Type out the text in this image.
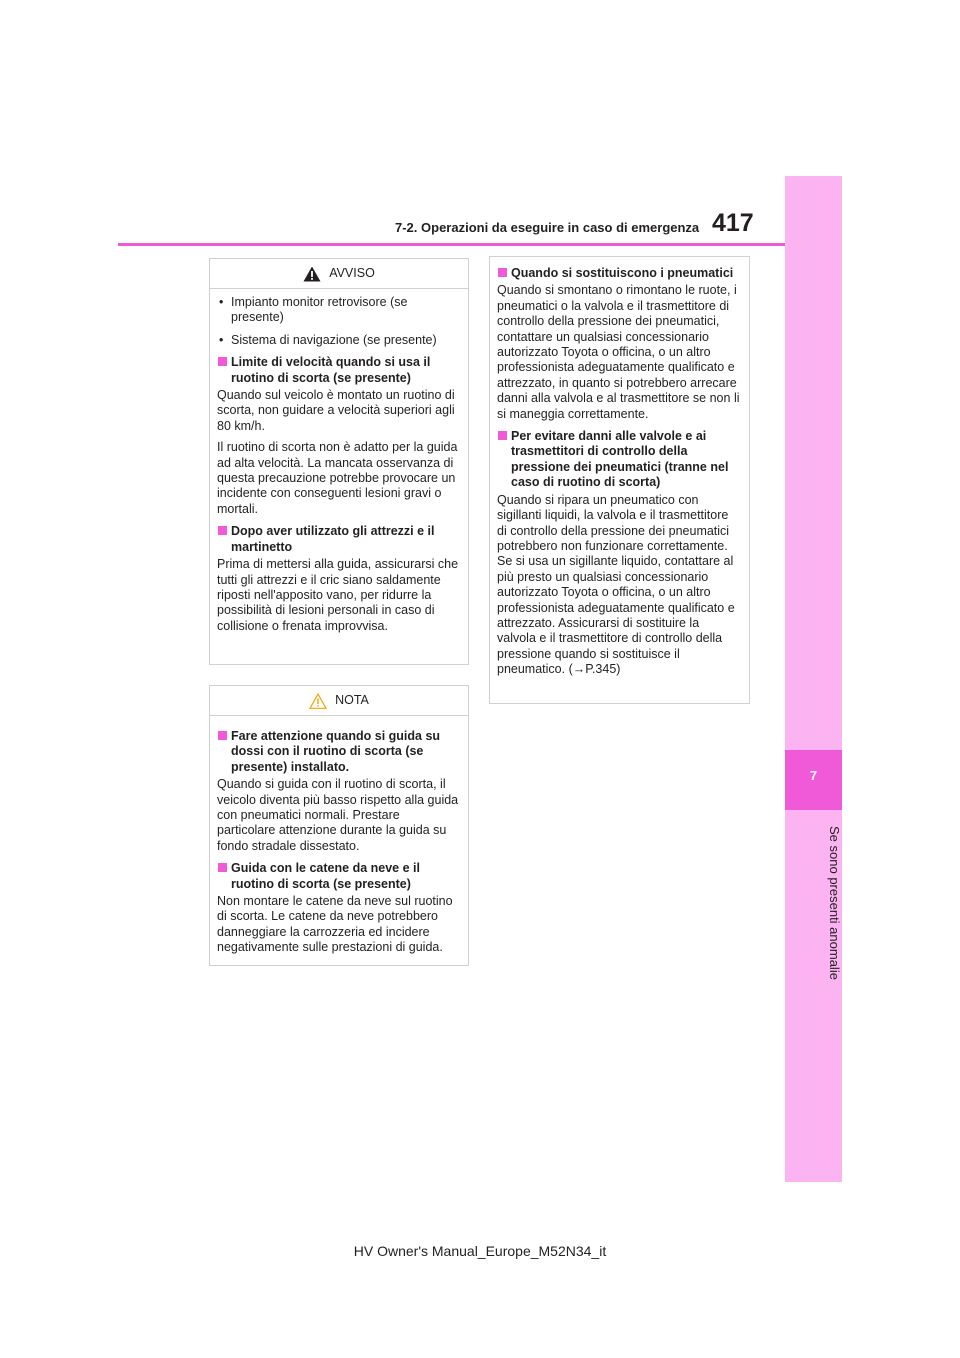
7
Se sono presenti anomalie
7-2. Operazioni da eseguire in caso di emergenza 417
AVVISO
• Impianto monitor retrovisore (se presente)
• Sistema di navigazione (se presente)
Limite di velocità quando si usa il ruotino di scorta (se presente)

Quando sul veicolo è montato un ruotino di scorta, non guidare a velocità superiori agli 80 km/h.

Il ruotino di scorta non è adatto per la guida ad alta velocità. La mancata osservanza di questa precauzione potrebbe provocare un incidente con conseguenti lesioni gravi o mortali.

Dopo aver utilizzato gli attrezzi e il martinetto

Prima di mettersi alla guida, assicurarsi che tutti gli attrezzi e il cric siano saldamente riposti nell'apposito vano, per ridurre la possibilità di lesioni personali in caso di collisione o frenata improvvisa.

NOTA
Fare attenzione quando si guida su dossi con il ruotino di scorta (se presente) installato.

Quando si guida con il ruotino di scorta, il veicolo diventa più basso rispetto alla guida con pneumatici normali. Prestare particolare attenzione durante la guida su fondo stradale dissestato.

Guida con le catene da neve e il ruotino di scorta (se presente)

Non montare le catene da neve sul ruotino di scorta. Le catene da neve potrebbero danneggiare la carrozzeria ed incidere negativamente sulle prestazioni di guida.

Quando si sostituiscono i pneumatici

Quando si smontano o rimontano le ruote, i pneumatici o la valvola e il trasmettitore di controllo della pressione dei pneumatici, contattare un qualsiasi concessionario autorizzato Toyota o officina, o un altro professionista adeguatamente qualificato e attrezzato, in quanto si potrebbero arrecare danni alla valvola e al trasmettitore se non li si maneggia correttamente.

Per evitare danni alle valvole e ai trasmettitori di controllo della pressione dei pneumatici (tranne nel caso di ruotino di scorta)

Quando si ripara un pneumatico con sigillanti liquidi, la valvola e il trasmettitore di controllo della pressione dei pneumatici potrebbero non funzionare correttamente. Se si usa un sigillante liquido, contattare al più presto un qualsiasi concessionario autorizzato Toyota o officina, o un altro professionista adeguatamente qualificato e attrezzato. Assicurarsi di sostituire la valvola e il trasmettitore di controllo della pressione quando si sostituisce il pneumatico. (→P.345)

HV Owner's Manual_Europe_M52N34_it
